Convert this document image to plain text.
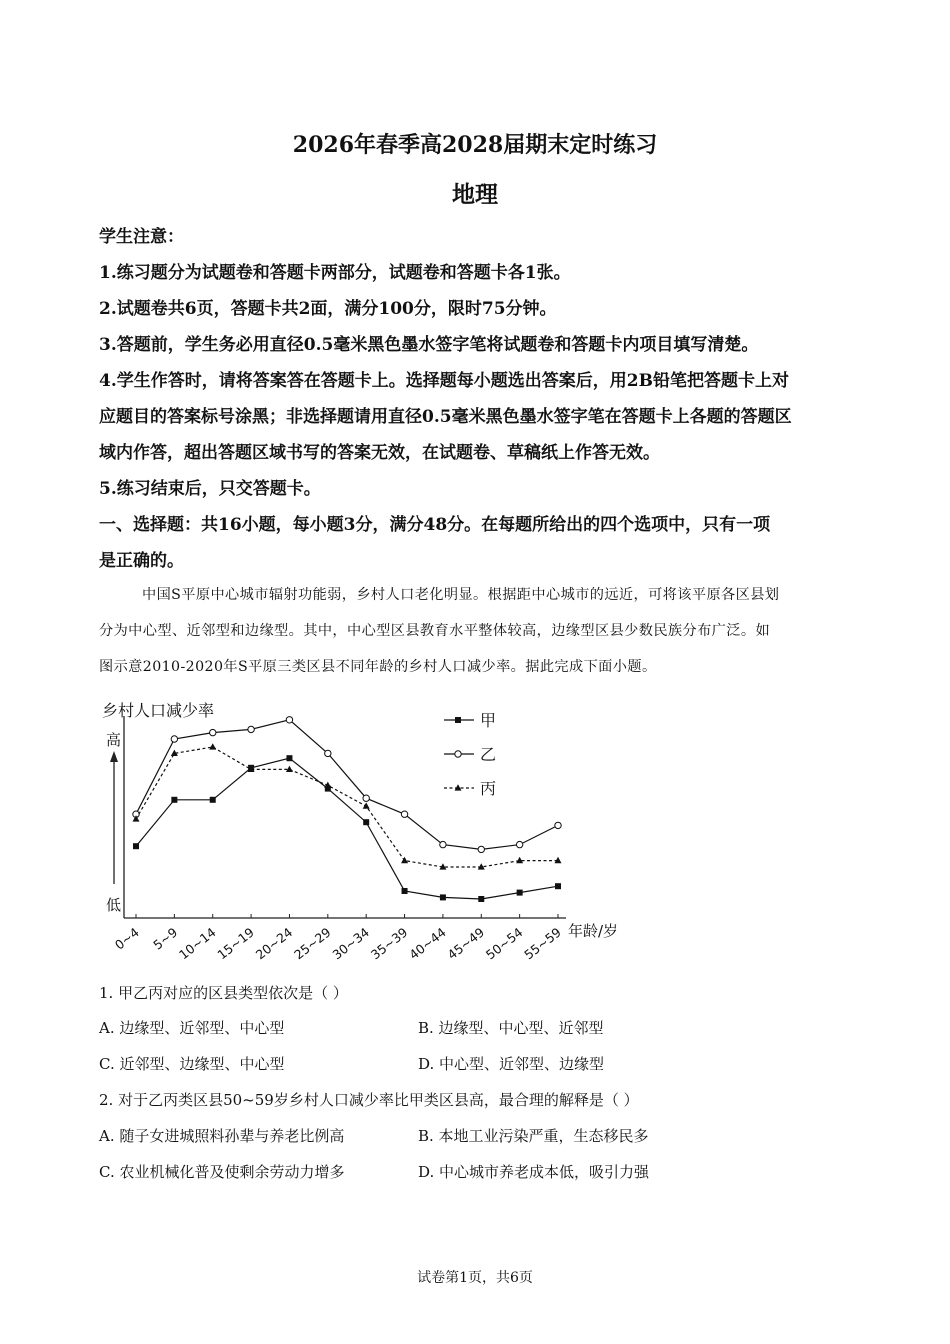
2026年春季高2028届期末定时练习
地理
学生注意：
1.练习题分为试题卷和答题卡两部分，试题卷和答题卡各1张。
2.试题卷共6页，答题卡共2面，满分100分，限时75分钟。
3.答题前，学生务必用直径0.5毫米黑色墨水签字笔将试题卷和答题卡内项目填写清楚。
4.学生作答时，请将答案答在答题卡上。选择题每小题选出答案后，用2B铅笔把答题卡上对
应题目的答案标号涂黑；非选择题请用直径0.5毫米黑色墨水签字笔在答题卡上各题的答题区
域内作答，超出答题区域书写的答案无效，在试题卷、草稿纸上作答无效。
5.练习结束后，只交答题卡。
一、选择题：共16小题，每小题3分，满分48分。在每题所给出的四个选项中，只有一项
是正确的。
中国S平原中心城市辐射功能弱，乡村人口老化明显。根据距中心城市的远近，可将该平原各区县划
分为中心型、近邻型和边缘型。其中，中心型区县教育水平整体较高，边缘型区县少数民族分布广泛。如
图示意2010-2020年S平原三类区县不同年龄的乡村人口减少率。据此完成下面小题。
乡村人口减少率
高
低
0~4 5~9
10~14
15~19
20~24
25~29
30~34
35~39
40~44
45~49
50~54
55~59 年龄/岁
甲
乙
丙
1. 甲乙丙对应的区县类型依次是（ ）
A. 边缘型、近邻型、中心型	B. 边缘型、中心型、近邻型
C. 近邻型、边缘型、中心型	D. 中心型、近邻型、边缘型
2. 对于乙丙类区县50~59岁乡村人口减少率比甲类区县高，最合理的解释是（ ）
A. 随子女进城照料孙辈与养老比例高	B. 本地工业污染严重，生态移民多
C. 农业机械化普及使剩余劳动力增多	D. 中心城市养老成本低，吸引力强
试卷第1页，共6页
